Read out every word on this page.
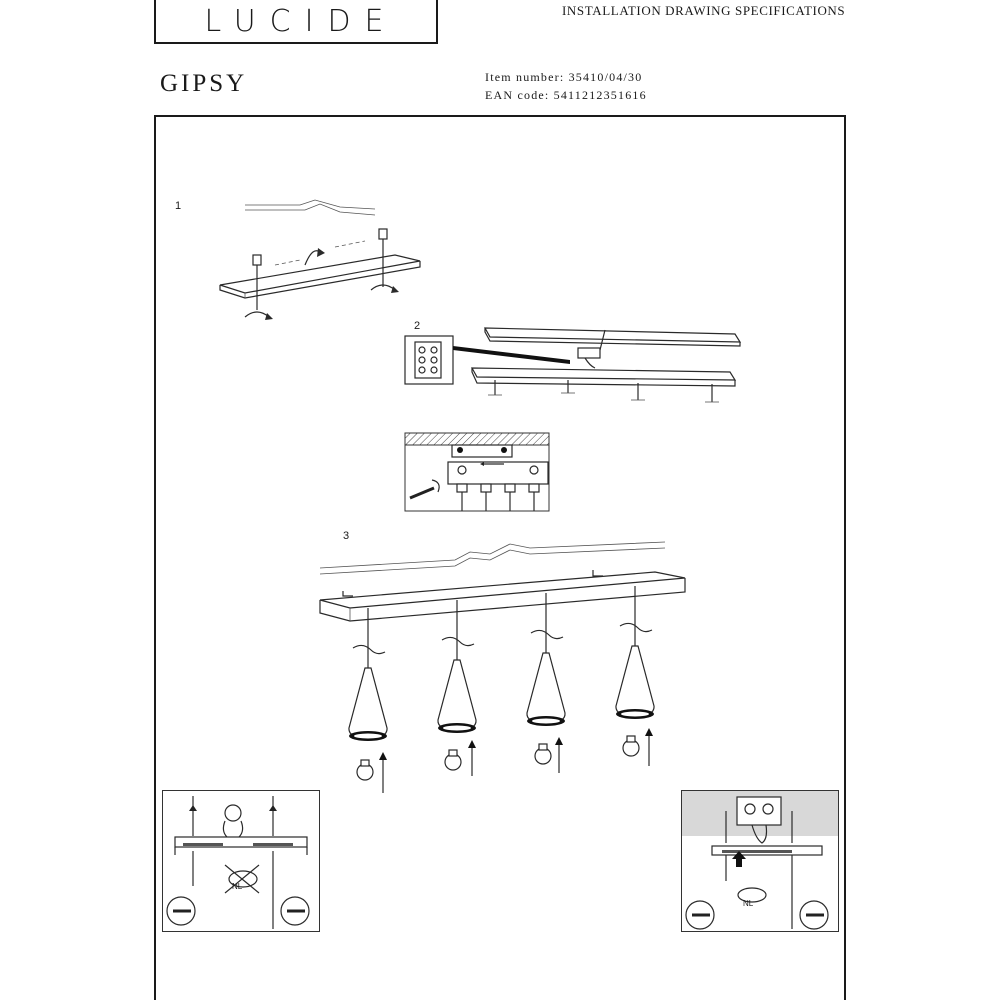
LUCIDE	INSTALLATION DRAWING SPECIFICATIONS
GIPSY	Item number: 35410/04/30
EAN code: 5411212351616
1
2
3
NL
NL
